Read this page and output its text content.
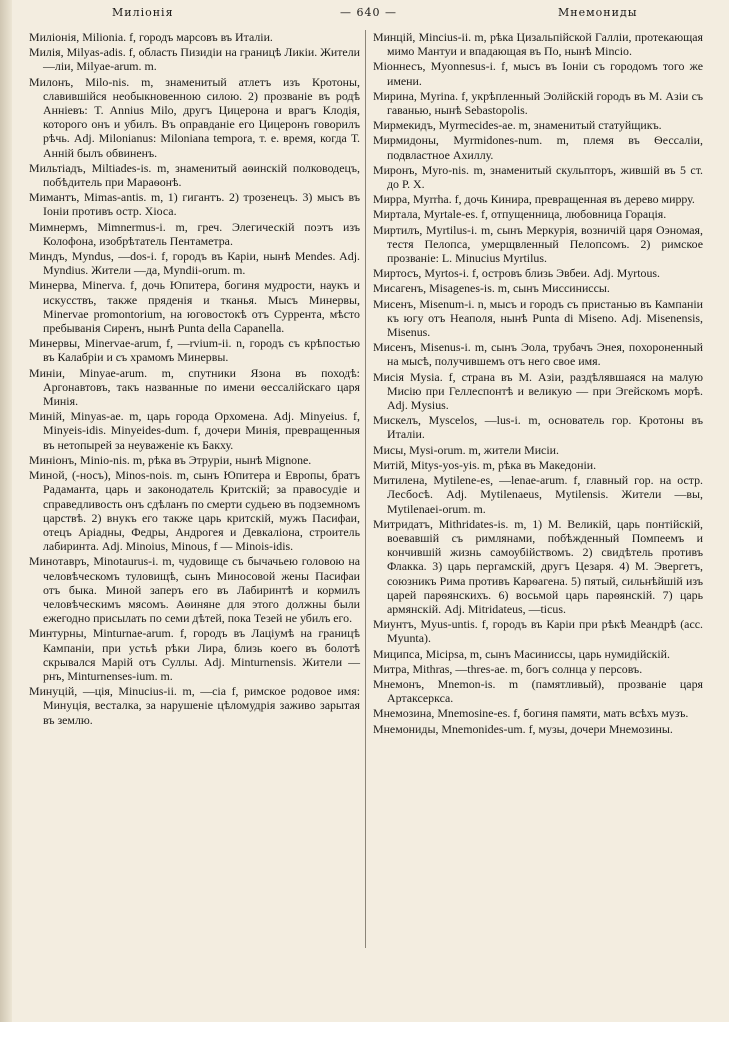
Милiонiя	— 640 —	Мнемониды

Милiонiя, Milionia. f, городъ марсовъ въ Италiи.

Милія, Milyas-adis. f, область Пизидiи на границѣ Ликiи. Жители —лiи, Milyae-arum. m.

Милонъ, Milo-nis. m, знаменитый атлетъ изъ Кротоны, славившiйся необыкновенною силою. 2) прозванiе въ родѣ Анніевъ: T. Annius Milo, другъ Цицерона и врагъ Клодія, которого онъ и убилъ. Въ оправданіе его Цицеронъ говорилъ рѣчь. Adj. Milonianus: Miloniana tempora, т. е. время, когда Т. Анній былъ обвиненъ.

Мильтiадъ, Miltiades-is. m, знаменитый аѳинскій полководецъ, побѣдитель при Мараѳонѣ.

Мимантъ, Mimas-antis. m, 1) гигантъ. 2) трозенецъ. 3) мысъ въ Iонiи противъ остр. Хiоса.

Мимнермъ, Mimnermus-i. m, греч. Элегическій поэтъ изъ Колофона, изобрѣтатель Пентаметра.

Миндъ, Myndus, —dos-i. f, городъ въ Карiи, нынѣ Mendes. Adj. Myndius. Жители —да, Myndii-orum. m.

Минерва, Minerva. f, дочь Юпитера, богиня мудрости, наукъ и искусствъ, также пряденiя и тканья. Мысъ Минервы, Minervae promontorium, на юговостокѣ отъ Суррента, мѣсто пребыванія Сиренъ, нынѣ Punta della Capanella.

Минервы, Minervae-arum, f, —rvium-ii. n, городъ съ крѣпостью въ Калабрiи и съ храмомъ Минервы.

Минiи, Minyae-arum. m, спутники Язона въ походѣ: Аргонавтовъ, такъ названные по имени ѳессалiйскаго царя Минія.

Минiй, Minyas-ae. m, царь города Орхомена. Adj. Minyeius. f, Minyeis-idis. Minyeides-dum. f, дочери Минія, превращенныя въ нетопырей за неуваженіе къ Бакху.

Минiонъ, Minio-nis. m, рѣка въ Этрурiи, нынѣ Mignone.

Миной, (-носъ), Minos-nois. m, сынъ Юпитера и Европы, братъ Радаманта, царь и законодатель Критскій; за правосудіе и справедливость онъ сдѣланъ по смерти судьею въ подземномъ царствѣ. 2) внукъ его также царь критскій, мужъ Пасифаи, отецъ Аріадны, Федры, Андрогея и Девкалiона, строитель лабиринта. Adj. Minoius, Minous, f — Minois-idis.

Минотавръ, Minotaurus-i. m, чудовище съ бычачьею головою на человѣческомъ туловищѣ, сынъ Миносовой жены Пасифаи отъ быка. Миной заперъ его въ Лабиринтѣ и кормилъ человѣческимъ мясомъ. Аѳиняне для этого должны были ежегодно присылать по семи дѣтей, пока Тезей не убилъ его.

Минтурны, Minturnae-arum. f, городъ въ Лацiумѣ на границѣ Кампанiи, при устьѣ рѣки Лира, близь коего въ болотѣ скрывался Марiй отъ Суллы. Adj. Minturnensis. Жители —рнъ, Minturnenses-ium. m.

Минуцiй, —цiя, Minucius-ii. m, —cia f, римское родовое имя: Минуція, весталка, за нарушеніе цѣломудрія заживо зарытая въ землю.

Минцiй, Mincius-ii. m, рѣка Цизальпiйской Галлiи, протекающая мимо Мантуи и впадающая въ По, нынѣ Mincio.

Мiоннесъ, Myonnesus-i. f, мысъ въ Iонiи съ городомъ того же имени.

Мирина, Myrina. f, укрѣпленный Эолiйскій городъ въ М. Азiи съ гаванью, нынѣ Sebastopolis.

Мирмекидъ, Myrmecides-ae. m, знаменитый статуйщикъ.

Мирмидоны, Myrmidones-num. m, племя въ Ѳессалiи, подвластное Ахиллу.

Миронъ, Myro-nis. m, знаменитый скульпторъ, жившій въ 5 ст. до Р. Х.

Мирра, Myrrha. f, дочь Кинира, превращенная въ дерево мирру.

Миртала, Myrtale-es. f, отпущенница, любовница Горація.

Миртилъ, Myrtilus-i. m, сынъ Меркурія, возничій царя Оэномая, тестя Пелопса, умерщвленный Пелопсомъ. 2) римское прозванiе: L. Minucius Myrtilus.

Миртосъ, Myrtos-i. f, островъ близь Эвбеи. Adj. Myrtous.

Мисагенъ, Misagenes-is. m, сынъ Миссиниссы.

Мисенъ, Misenum-i. n, мысъ и городъ съ пристанью въ Кампанiи къ югу отъ Неаполя, нынѣ Punta di Miseno. Adj. Misenensis, Misenus.

Мисенъ, Misenus-i. m, сынъ Эола, трубачъ Энея, похороненный на мысѣ, получившемъ отъ него свое имя.

Мисiя Mysia. f, страна въ М. Азiи, раздѣлявшаяся на малую Мисiю при Геллеспонтѣ и великую — при Эгейскомъ морѣ. Adj. Mysius.

Мискелъ, Myscelos, —lus-i. m, основатель гор. Кротоны въ Италiи.

Мисы, Mysi-orum. m, жители Мисiи.

Митій, Mitys-yos-yis. m, рѣка въ Македонiи.

Митилена, Mytilene-es, —lenae-arum. f, главный гор. на остр. Лесбосѣ. Adj. Mytilenaeus, Mytilensis. Жители —вы, Mytilenaei-orum. m.

Митридатъ, Mithridates-is. m, 1) М. Великій, царь понтiйскій, воевавшій съ римлянами, побѣжденный Помпеемъ и кончившій жизнь самоубійствомъ. 2) свидѣтель противъ Флакка. 3) царь пергамскій, другъ Цезаря. 4) М. Эвергетъ, союзникъ Рима противъ Карѳагена. 5) пятый, сильнѣйшій изъ царей парѳянскихъ. 6) восьмой царь парѳянскій. 7) царь армянскій. Adj. Mitridateus, —ticus.

Миунтъ, Myus-untis. f, городъ въ Карiи при рѣкѣ Меандрѣ (acc. Myunta).

Миципса, Micipsa, m, сынъ Масиниссы, царь нумидiйскій.

Митра, Mithras, —thres-ae. m, богъ солнца у персовъ.

Мнемонъ, Mnemon-is. m (памятливый), прозванiе царя Артаксеркса.

Мнемозина, Mnemosine-es. f, богиня памяти, мать всѣхъ музъ.

Мнемониды, Mnemonides-um. f, музы, дочери Мнемозины.
